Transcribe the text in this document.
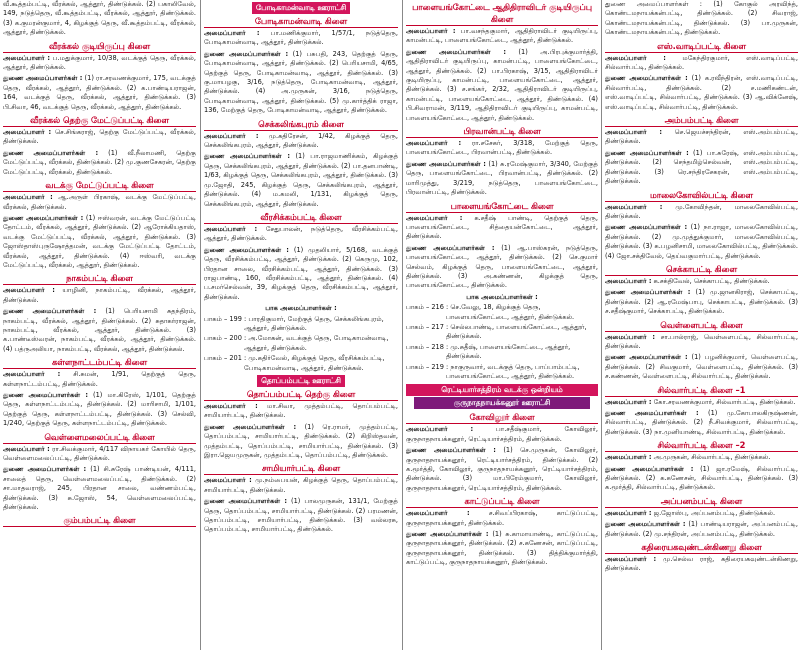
வீ.கூத்தம்பட்டி, வீரக்கல், ஆத்தூர், திண்டுக்கல். (2) பகாலிவேல், 149, நடுத்தெரு, வீ.கூத்தம்பட்டி, வீரக்கல், ஆத்தூர், திண்டுக்கல். (3) க.குமரன்குமார், 4, கிழக்குத் தெரு, வீ.கூத்தம்பட்டி, வீரக்கல், ஆத்தூர், திண்டுக்கல்.

வீரக்கல் குடியிருப்பு கிளை

அமைப்பாளர் : ப.மதுக்குமார், 10/38, வடக்குத் தெரு, வீரக்கல், ஆத்தூர், திண்டுக்கல்.

துணை அமைப்பாளர்கள் : (1) ரா.சரவணக்குமார், 175, வடக்குத் தெரு, வீரக்கல், ஆத்தூர், திண்டுக்கல். (2) க.பாண்டியராஜன், 164, வடக்குத் தெரு, வீரக்கல், ஆத்தூர், திண்டுக்கல். (3) பி.சிவா, 46, வடக்குத் தெரு, வீரக்கல், ஆத்தூர், திண்டுக்கல்.

வீரக்கல் தெற்கு மேட்டுப்பட்டி கிளை

அமைப்பாளர் : செ.சிங்கராஜ், தெற்கு மேட்டுப்பட்டி, வீரக்கல், திண்டுக்கல்.

துணை அமைப்பாளர்கள் : (1) வீ.நீலாமணி, தெற்கு மேட்டுப்பட்டி, வீரக்கல், திண்டுக்கல். (2) மு.குணசேகரன், தெற்கு மேட்டுப்பட்டி, வீரக்கல், திண்டுக்கல்.

வடக்கு மேட்டுப்பட்டி கிளை

அமைப்பாளர் : ஆ.அருள் பிரகாஷ், வடக்கு மேட்டுப்பட்டி, வீரக்கல், திண்டுக்கல்.

துணை அமைப்பாளர்கள் : (1) ஈஸ்வரன், வடக்கு மேட்டுப்பட்டி தோட்டம், வீரக்கல், ஆத்தூர், திண்டுக்கல். (2) ஆரோக்கியதாஸ், வடக்கு மேட்டுப்பட்டி, வீரக்கல், ஆத்தூர், திண்டுக்கல். (3) ஜோஸ்தாஸ்புருஷோத்தமன், வடக்கு மேட்டுப்பட்டி தோட்டம், வீரக்கல், ஆத்தூர், திண்டுக்கல். (4) ஈஸ்வரி, வடக்கு மேட்டுப்பட்டி, வீரக்கல், ஆத்தூர், திண்டுக்கல்.

நாகம்பட்டி கிளை

அமைப்பாளர் : யாழினி, நாகம்பட்டி, வீரக்கல், ஆத்தூர், திண்டுக்கல்.

துணை அமைப்பாளர்கள் : (1) பெரியசாமி சுதந்திரம், நாகம்பட்டி, வீரக்கல், ஆத்தூர், திண்டுக்கல். (2) சுதாகர்ராஜன், நாகம்பட்டி, வீரக்கல், ஆத்தூர், திண்டுக்கல். (3) க.பாண்டீஸ்வரன், நாகம்பட்டி, வீரக்கல், ஆத்தூர், திண்டுக்கல். (4) பத்ருஅலியா, நாகம்பட்டி, வீரக்கல், ஆத்தூர், திண்டுக்கல்.

கள்ளநாட்டம்பட்டி கிளை

அமைப்பாளர் : சி.சுமன், 1/91, தெற்குத் தெரு, கள்ளநாட்டம்பட்டி, திண்டுக்கல்.

துணை அமைப்பாளர்கள் : (1) மா.கிரேஸ், 1/101, தெற்குத் தெரு, கள்ளநாட்டம்பட்டி, திண்டுக்கல். (2) மாரிசாமி, 1/101, தெற்குத் தெரு, கள்ளநாட்டம்பட்டி, திண்டுக்கல். (3) செல்வி, 1/240, தெற்குத் தெரு, கள்ளநாட்டம்பட்டி, திண்டுக்கல்.

வெள்ளைமலைப்பட்டி கிளை

அமைப்பாளர் : ரா.சிவக்குமார், 4/117 விநாயகர் கோயில் தெரு, வெள்ளைமலைப்பட்டி, திண்டுக்கல்.

துணை அமைப்பாளர்கள் : (1) சி.சுரேஷ் பாண்டியன், 4/111, சாலைத் தெரு, வெள்ளைமலைப்பட்டி, திண்டுக்கல். (2) சா.மாதவராஜ், 245, பிரதான சாலை, வண்ணம்பட்டி, திண்டுக்கல். (3) சு.ஜோஸ், 54, வெள்ளைமலைப்பட்டி, திண்டுக்கல்.

கும்பம்பட்டி கிளை
போடிகாமன்வாடி ஊராட்சி
போடிகாமன்வாடி கிளை

அமைப்பாளர் : பா.மணிக்குமார், 1/57/1, நடுத்தெரு, போடிகாமன்வாடி, ஆத்தூர், திண்டுக்கல்.

துணை அமைப்பாளர்கள் : (1) பசுபதி, 243, தெற்குத் தெரு, போடிகாமன்வாடி, ஆத்தூர், திண்டுக்கல். (2) பெரியசாமி, 4/65, தெற்குத் தெரு, போடிகாமன்வாடி, ஆத்தூர், திண்டுக்கல். (3) கு.மாயழகு, 3/16, நடுத்தெரு, போடிகாமன்வாடி, ஆத்தூர், திண்டுக்கல். (4) அ.முருகன், 3/16, நடுத்தெரு, போடிகாமன்வாடி, ஆத்தூர், திண்டுக்கல். (5) மு.கார்த்திக் ராஜா, 136, மேற்குத் தெரு, போடிகாமன்வாடி, ஆத்தூர், திண்டுக்கல்.

செக்கலிங்கபுரம் கிளை

அமைப்பாளர் : மு.கதிரேசன், 1/42, கிழக்குத் தெரு, செக்கலிங்கபுரம், ஆத்தூர், திண்டுக்கல்.

துணை அமைப்பாளர்கள் : (1) பா.ராஜமாணிக்கம், கிழக்குத் தெரு, செக்கலிங்கபுரம், ஆத்தூர், திண்டுக்கல். (2) பா.தனபாண்டி, 1/63, கிழக்குத் தெரு, செக்கலிங்கபுரம், ஆத்தூர், திண்டுக்கல். (3) மு.ஜோதி, 245, கிழக்குத் தெரு, செக்கலிங்கபுரம், ஆத்தூர், திண்டுக்கல். (4) ம.கமலி, 1/131, கிழக்குத் தெரு, செக்கலிங்கபுரம், ஆத்தூர், திண்டுக்கல்.

வீரசிக்கம்பட்டி கிளை

அமைப்பாளர் : சேதுபாலன், நடுத்தெரு, வீரசிக்கம்பட்டி, ஆத்தூர், திண்டுக்கல்.

துணை அமைப்பாளர்கள் : (1) முதலியார், 5/168, வடக்குத் தெரு, வீரசிக்கம்பட்டி, ஆத்தூர், திண்டுக்கல். (2) கெருமு, 102, பிரதான சாலை, வீரசிக்கம்பட்டி, ஆத்தூர், திண்டுக்கல். (3) ராஜபாண்டி, 160, வீரசிக்கம்பட்டி, ஆத்தூர், திண்டுக்கல். (4) ப.சமர்செல்வன், 39, கிழக்குத் தெரு, வீரசிக்கம்பட்டி, ஆத்தூர், திண்டுக்கல்.

பாக அமைப்பாளர்கள் :
பாகம் – 199 : பாரதிகுமார், மேற்குத் தெரு, செக்கலிங்கபுரம், ஆத்தூர், திண்டுக்கல்.
பாகம் – 200 : அ.மோகன், வடக்குத் தெரு, போடிகாமன்வாடி, ஆத்தூர், திண்டுக்கல்.
பாகம் – 201 : மு.கதிர்வேல், கிழக்குத் தெரு, வீரசிக்கம்பட்டி, போடிகாமன்வாடி, ஆத்தூர், திண்டுக்கல்.
தொப்பம்பட்டி ஊராட்சி
தொப்பம்பட்டி தெற்கு கிளை

அமைப்பாளர் : மா.சிவா, முத்தம்பட்டி, தொப்பம்பட்டி, சாமியார்பட்டி, திண்டுக்கல்.

துணை அமைப்பாளர்கள் : (1) ரெ.ராமர், முத்தம்பட்டி, தொப்பம்பட்டி, சாமியார்பட்டி, திண்டுக்கல். (2) கிறிஸ்தவன், முத்தம்பட்டி, தொப்பம்பட்டி, சாமியார்பட்டி, திண்டுக்கல். (3) இரா.ஜெயமுருகன், முத்தம்பட்டி, தொப்பம்பட்டி, திண்டுக்கல்.

சாமியார்பட்டி கிளை

அமைப்பாளர் : மு.நம்பையன், கிழக்குத் தெரு, தொப்பம்பட்டி, சாமியார்பட்டி, திண்டுக்கல்.

துணை அமைப்பாளர்கள் : (1) பாலமுருகன், 131/1, மேற்குத் தெரு, தொப்பம்பட்டி, சாமியார்பட்டி, திண்டுக்கல். (2) பரமணன், தொப்பம்பட்டி, சாமியார்பட்டி, திண்டுக்கல். (3) வல்லரசு, தொப்பம்பட்டி, சாமியார்பட்டி, திண்டுக்கல்.

பாளையங்கோட்டை ஆதிதிராவிடர் குடியிருப்பு கிளை

அமைப்பாளர் : பா.வசந்தகுமார், ஆதிதிராவிடர் குடியிருப்பு, காமன்பட்டி, பாளையங்கோட்டை, ஆத்தூர், திண்டுக்கல்.

துணை அமைப்பாளர்கள் : (1) அ.பிரபுக்குமார்த்தி, ஆதிதிராவிடர் குடியிருப்பு, காமன்பட்டி, பாளையங்கோட்டை, ஆத்தூர், திண்டுக்கல். (2) பா.பிரகாஷ், 3/15, ஆதிதிராவிடர் குடியிருப்பு, காமன்பட்டி, பாளையங்கோட்டை, ஆத்தூர், திண்டுக்கல். (3) ச.சங்கர், 2/32, ஆதிதிராவிடர் குடியிருப்பு, காமன்பட்டி, பாளையங்கோட்டை, ஆத்தூர், திண்டுக்கல். (4) பி.சிவராமன், 3/119, ஆதிதிராவிடர் குடியிருப்பு, காமன்பட்டி, பாளையங்கோட்டை, ஆத்தூர், திண்டுக்கல்.

பிரவான்பட்டி கிளை

அமைப்பாளர் : ரா.சசேகர், 3/318, மேற்குத் தெரு, பாளையங்கோட்டை, பிரவான்பட்டி, திண்டுக்கல்.

துணை அமைப்பாளர்கள் : (1) சு.ரமேஷ்குமார், 3/340, மேற்குத் தெரு, பாளையங்கோட்டை, பிரவான்பட்டி, திண்டுக்கல். (2) மாரிமுத்து, 3/219, நடுத்தெரு, பாளையங்கோட்டை, பிரவான்பட்டி, திண்டுக்கல்.

பாளையங்கோட்டை கிளை

அமைப்பாளர் : க.சதீஷ் பாண்டி, தெற்குத் தெரு, பாளையங்கோட்டை, சித்தையன்கோட்டை, ஆத்தூர், திண்டுக்கல்.

துணை அமைப்பாளர்கள் : (1) ஆ.பாஸ்கரன், நடுத்தெரு, பாளையங்கோட்டை, ஆத்தூர், திண்டுக்கல். (2) செ.குமார் செல்வம், கிழக்குத் தெரு, பாளையங்கோட்டை, ஆத்தூர், திண்டுக்கல். (3) அ.கண்ணன், கிழக்குத் தெரு, பாளையங்கோட்டை, திண்டுக்கல்.

பாக அமைப்பாளர்கள் :
பாகம் – 216 : செ.வேலு, 18, கிழக்குத் தெரு, பாளையங்கோட்டை, ஆத்தூர், திண்டுக்கல்.
பாகம் – 217 : செல்லபாண்டி, பாளையங்கோட்டை, ஆத்தூர், திண்டுக்கல்.
பாகம் – 218 : மு.சுதீஷ், பாளையங்கோட்டை, ஆத்தூர், திண்டுக்கல்.
பாகம் – 219 : நாகுருவார், வடக்குத் தெரு, பாப்பாம்பட்டி, பாளையங்கோட்டை, ஆத்தூர், திண்டுக்கல்.
ரெட்டியார்சத்திரம் வடக்கு ஒன்றியம்
குருநாதநாயக்கனூர் ஊராட்சி
கோவிலூர் கிளை

அமைப்பாளர் :	பா.சதீஷ்குமார், கோவிலூர், குருநாதநாயக்கனூர், ரெட்டியார்சத்திரம், திண்டுக்கல்.

துணை அமைப்பாளர்கள் : (1) செ.முருகன், கோவிலூர், குருநாதநாயக்கனூர், ரெட்டியார்சத்திரம், திண்டுக்கல். (2) க.மூர்த்தி, கோவிலூர், குருநாதநாயக்கனூர், ரெட்டியார்சத்திரம், திண்டுக்கல். (3) மா.பிரேம்குமார், கோவிலூர், குருநாதநாயக்கனூர், ரெட்டியார்சத்திரம், திண்டுக்கல்.

காட்டுப்பட்டி கிளை

அமைப்பாளர் :	ச.சிவப்பிரகாஷ், காட்டுப்பட்டி, குருநாதநாயக்கனூர், திண்டுக்கல்.

துணை அமைப்பாளர்கள் : (1) சு.காமாயாண்டி, காட்டுப்பட்டி, குருநாதநாயக்கனூர், திண்டுக்கல். (2) ச.கணேசன், காட்டுப்பட்டி, குருநாதநாயக்கனூர், திண்டுக்கல். (3) தித்திக்குமார்த்தி, காட்டுப்பட்டி, குருநாதநாயக்கனூர், திண்டுக்கல்.

துணை அமைப்பாளர்கள் : (1) கோகுல் அரவிந்த், கொண்டமநாயக்கன்பட்டி, திண்டுக்கல். (2) சிவராஜ், கொண்டமநாயக்கன்பட்டி, திண்டுக்கல். (3) பா.முருகன், கொண்டமநாயக்கன்பட்டி, திண்டுக்கல்.

எஸ்.வாடிப்பட்டி கிளை

அமைப்பாளர் :	மகேந்திரகுமார், எஸ்.வாடிப்பட்டி, சில்வார்பட்டி, திண்டுக்கல்.

துணை அமைப்பாளர்கள் : (1) க.ரவீந்திரன், எஸ்.வாடிப்பட்டி, சில்வார்பட்டி, திண்டுக்கல். (2) ச.மணிகண்டன், எஸ்.வாடிப்பட்டி, சில்வார்பட்டி, திண்டுக்கல். (3) ஆ.விக்னேஷ், எஸ்.வாடிப்பட்டி, சில்வார்பட்டி, திண்டுக்கல்.

அம்பம்பட்டி கிளை

அமைப்பாளர் : செ.ஜெயச்சந்திரன், எஸ்.அம்பம்பட்டி, திண்டுக்கல்.

துணை அமைப்பாளர்கள் : (1) பா.சுரேஷ், எஸ்.அம்பம்பட்டி, திண்டுக்கல். (2) செந்தமிழ்செல்வன், எஸ்.அம்பம்பட்டி, திண்டுக்கல். (3) ரெ.சந்திரசேகரன், எஸ்.அம்பம்பட்டி, திண்டுக்கல்.

மாலைகோவில்பட்டி கிளை

அமைப்பாளர் : மு.கோவிந்தன், மாலைகோவில்பட்டி, திண்டுக்கல்.

துணை அமைப்பாளர்கள் : (1) நா.ராஜா, மாலைகோவில்பட்டி, திண்டுக்கல். (2) மு.முத்துக்குமார், மாலைகோவில்பட்டி, திண்டுக்கல். (3) க.பழனிசாமி, மாலைகோவில்பட்டி, திண்டுக்கல். (4) ஜோ.சக்திவேல், தெய்வகுமார்பட்டி, திண்டுக்கல்.

செக்காபட்டி கிளை

அமைப்பாளர் : க.சக்திவேல், செக்காபட்டி, திண்டுக்கல்.

துணை அமைப்பாளர்கள் : (1) மு.ஜானகிராஜ், செக்காபட்டி, திண்டுக்கல். (2) ஆ.ரமேஷ்பாபு, செக்காபட்டி, திண்டுக்கல். (3) ச.சதீஷ்குமார், செக்காபட்டி, திண்டுக்கல்.

வெள்ளைபட்டி கிளை

அமைப்பாளர் : சா.பால்ராஜ், வெள்ளைபட்டி, சில்வார்பட்டி, திண்டுக்கல்.

துணை அமைப்பாளர்கள் : (1) பழனிக்குமார், வெள்ளைபட்டி, திண்டுக்கல். (2) சிவகுமார், வெள்ளைபட்டி, திண்டுக்கல். (3) ச.கண்ணன், வெள்ளைபட்டி, சில்வார்பட்டி, திண்டுக்கல்.

சில்வார்பட்டி கிளை –1

அமைப்பாளர் : கோ.சரவணக்குமார், சில்வார்பட்டி, திண்டுக்கல்.

துணை அமைப்பாளர்கள் : (1) மு.கோபாலகிருஷ்ணன், சில்வார்பட்டி, திண்டுக்கல். (2) நீ.சிவக்குமார், சில்வார்பட்டி, திண்டுக்கல். (3) நா.முனியாண்டி, சில்வார்பட்டி, திண்டுக்கல்.

சில்வார்பட்டி கிளை –2

அமைப்பாளர் : அ.முருகன், சில்வார்பட்டி, திண்டுக்கல்.

துணை அமைப்பாளர்கள் : (1) ஜா.ரமேஷ், சில்வார்பட்டி, திண்டுக்கல். (2) க.கணேசன், சில்வார்பட்டி, திண்டுக்கல். (3) க.மூர்த்தி, சில்வார்பட்டி, திண்டுக்கல்.

அப்பனம்பட்டி கிளை

அமைப்பாளர் : ஜ.ஜோஸ்பு, அப்பனம்பட்டி, திண்டுக்கல்.

துணை அமைப்பாளர்கள் : (1) பாண்டியராஜன், அப்பனம்பட்டி, திண்டுக்கல். (2) மு.சந்திரன், அப்பனம்பட்டி, திண்டுக்கல்.

கதிரையகவுண்டன்கிணறு கிளை

அமைப்பாளர் : மு.செல்வ ராஜ், கதிரையகவுண்டன்கிணறு, திண்டுக்கல்.
